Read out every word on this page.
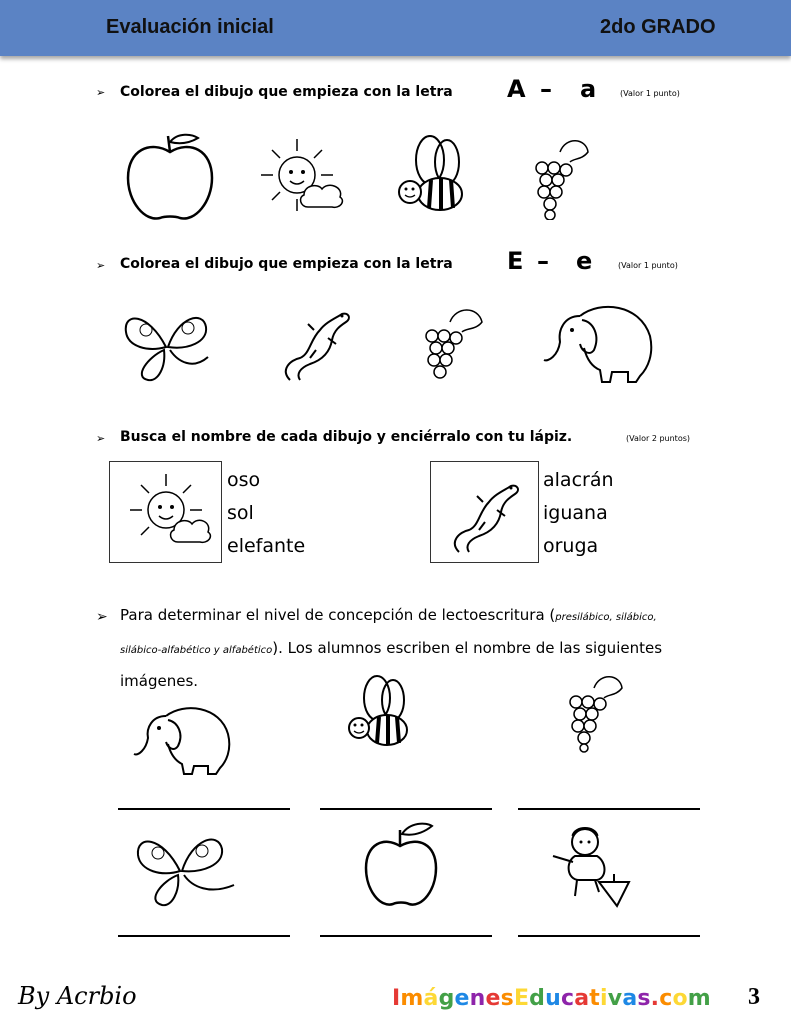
Evaluación inicial	2do GRADO
➢ Colorea el dibujo que empieza con la letra A – a	(Valor 1 punto)
➢ Colorea el dibujo que empieza con la letra E – e	(Valor 1 punto)
➢ Busca el nombre de cada dibujo y enciérralo con tu lápiz.	(Valor 2 puntos)
oso
sol
elefante
alacrán
iguana
oruga
➢ Para determinar el nivel de concepción de lectoescritura (presilábico, silábico,
silábico-alfabético y alfabético). Los alumnos escriben el nombre de las siguientes
imágenes.
By Acrbio	ImágenesEducativas.com 3
